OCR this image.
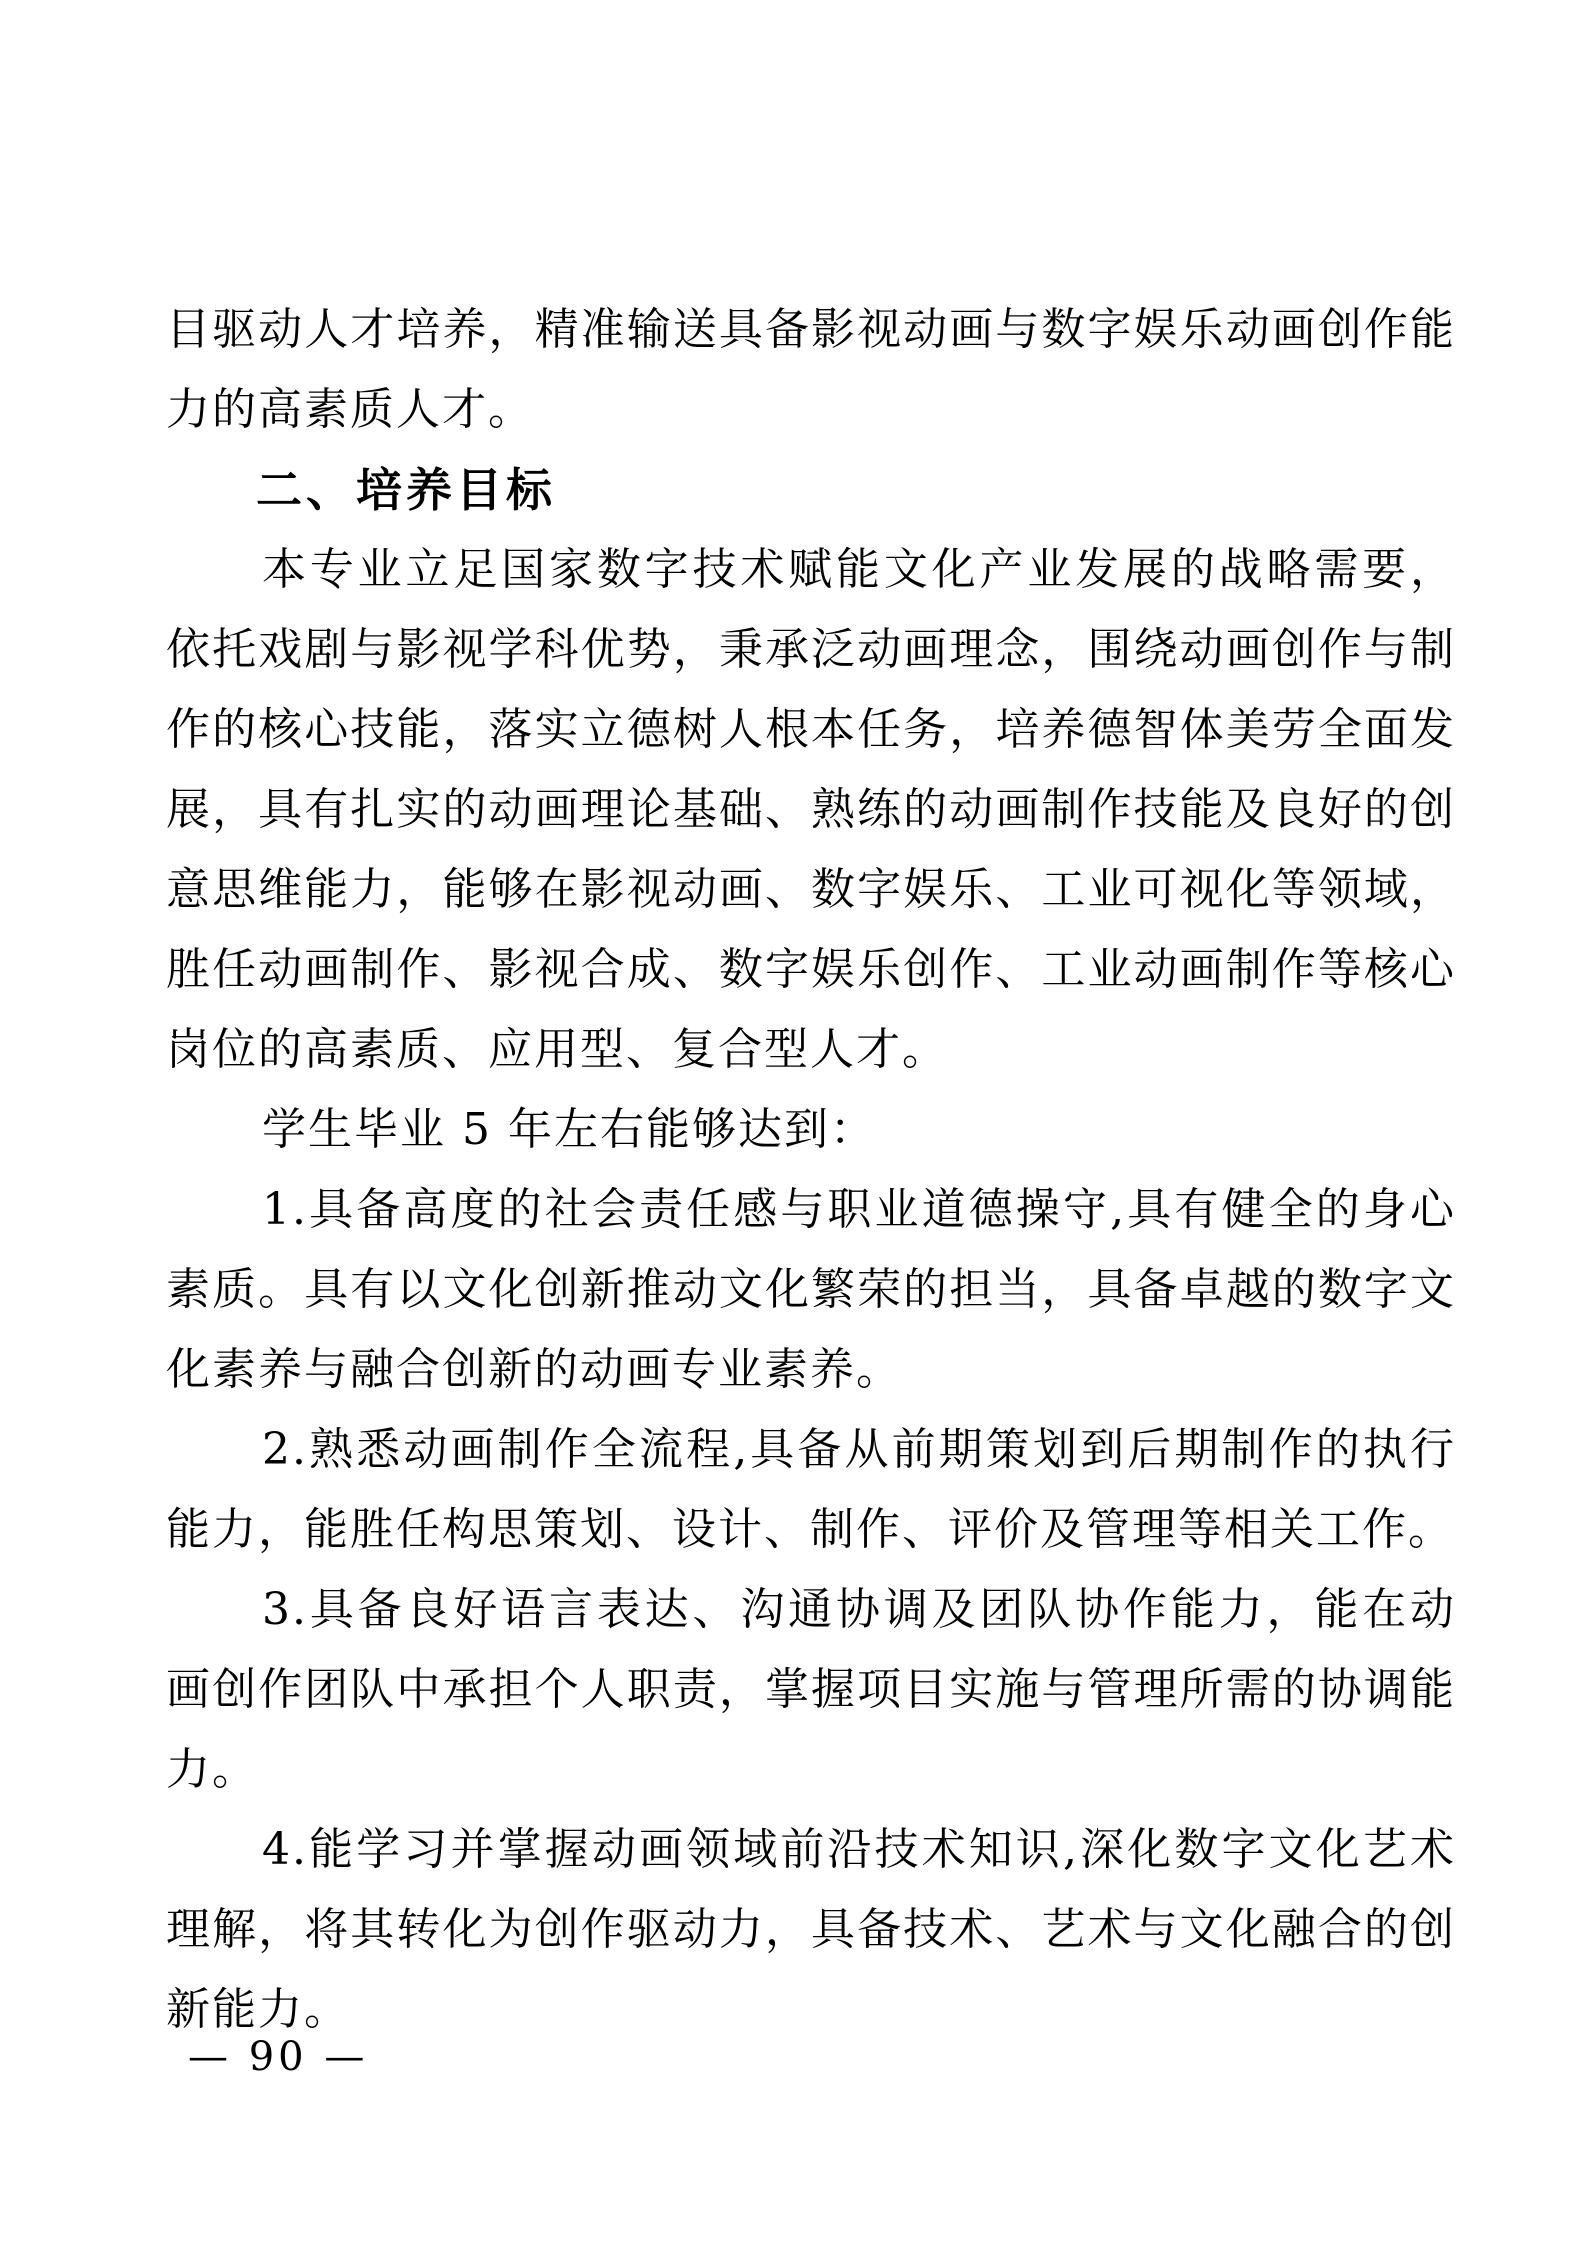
目驱动人才培养，精准输送具备影视动画与数字娱乐动画创作能力的高素质人才。

二、培养目标

本专业立足国家数字技术赋能文化产业发展的战略需要，依托戏剧与影视学科优势，秉承泛动画理念，围绕动画创作与制作的核心技能，落实立德树人根本任务，培养德智体美劳全面发展，具有扎实的动画理论基础、熟练的动画制作技能及良好的创意思维能力，能够在影视动画、数字娱乐、工业可视化等领域，胜任动画制作、影视合成、数字娱乐创作、工业动画制作等核心岗位的高素质、应用型、复合型人才。

学生毕业 5 年左右能够达到：

1.具备高度的社会责任感与职业道德操守,具有健全的身心素质。具有以文化创新推动文化繁荣的担当，具备卓越的数字文化素养与融合创新的动画专业素养。

2.熟悉动画制作全流程,具备从前期策划到后期制作的执行能力，能胜任构思策划、设计、制作、评价及管理等相关工作。

3.具备良好语言表达、沟通协调及团队协作能力，能在动画创作团队中承担个人职责，掌握项目实施与管理所需的协调能力。

4.能学习并掌握动画领域前沿技术知识,深化数字文化艺术理解，将其转化为创作驱动力，具备技术、艺术与文化融合的创新能力。

— 90 —
